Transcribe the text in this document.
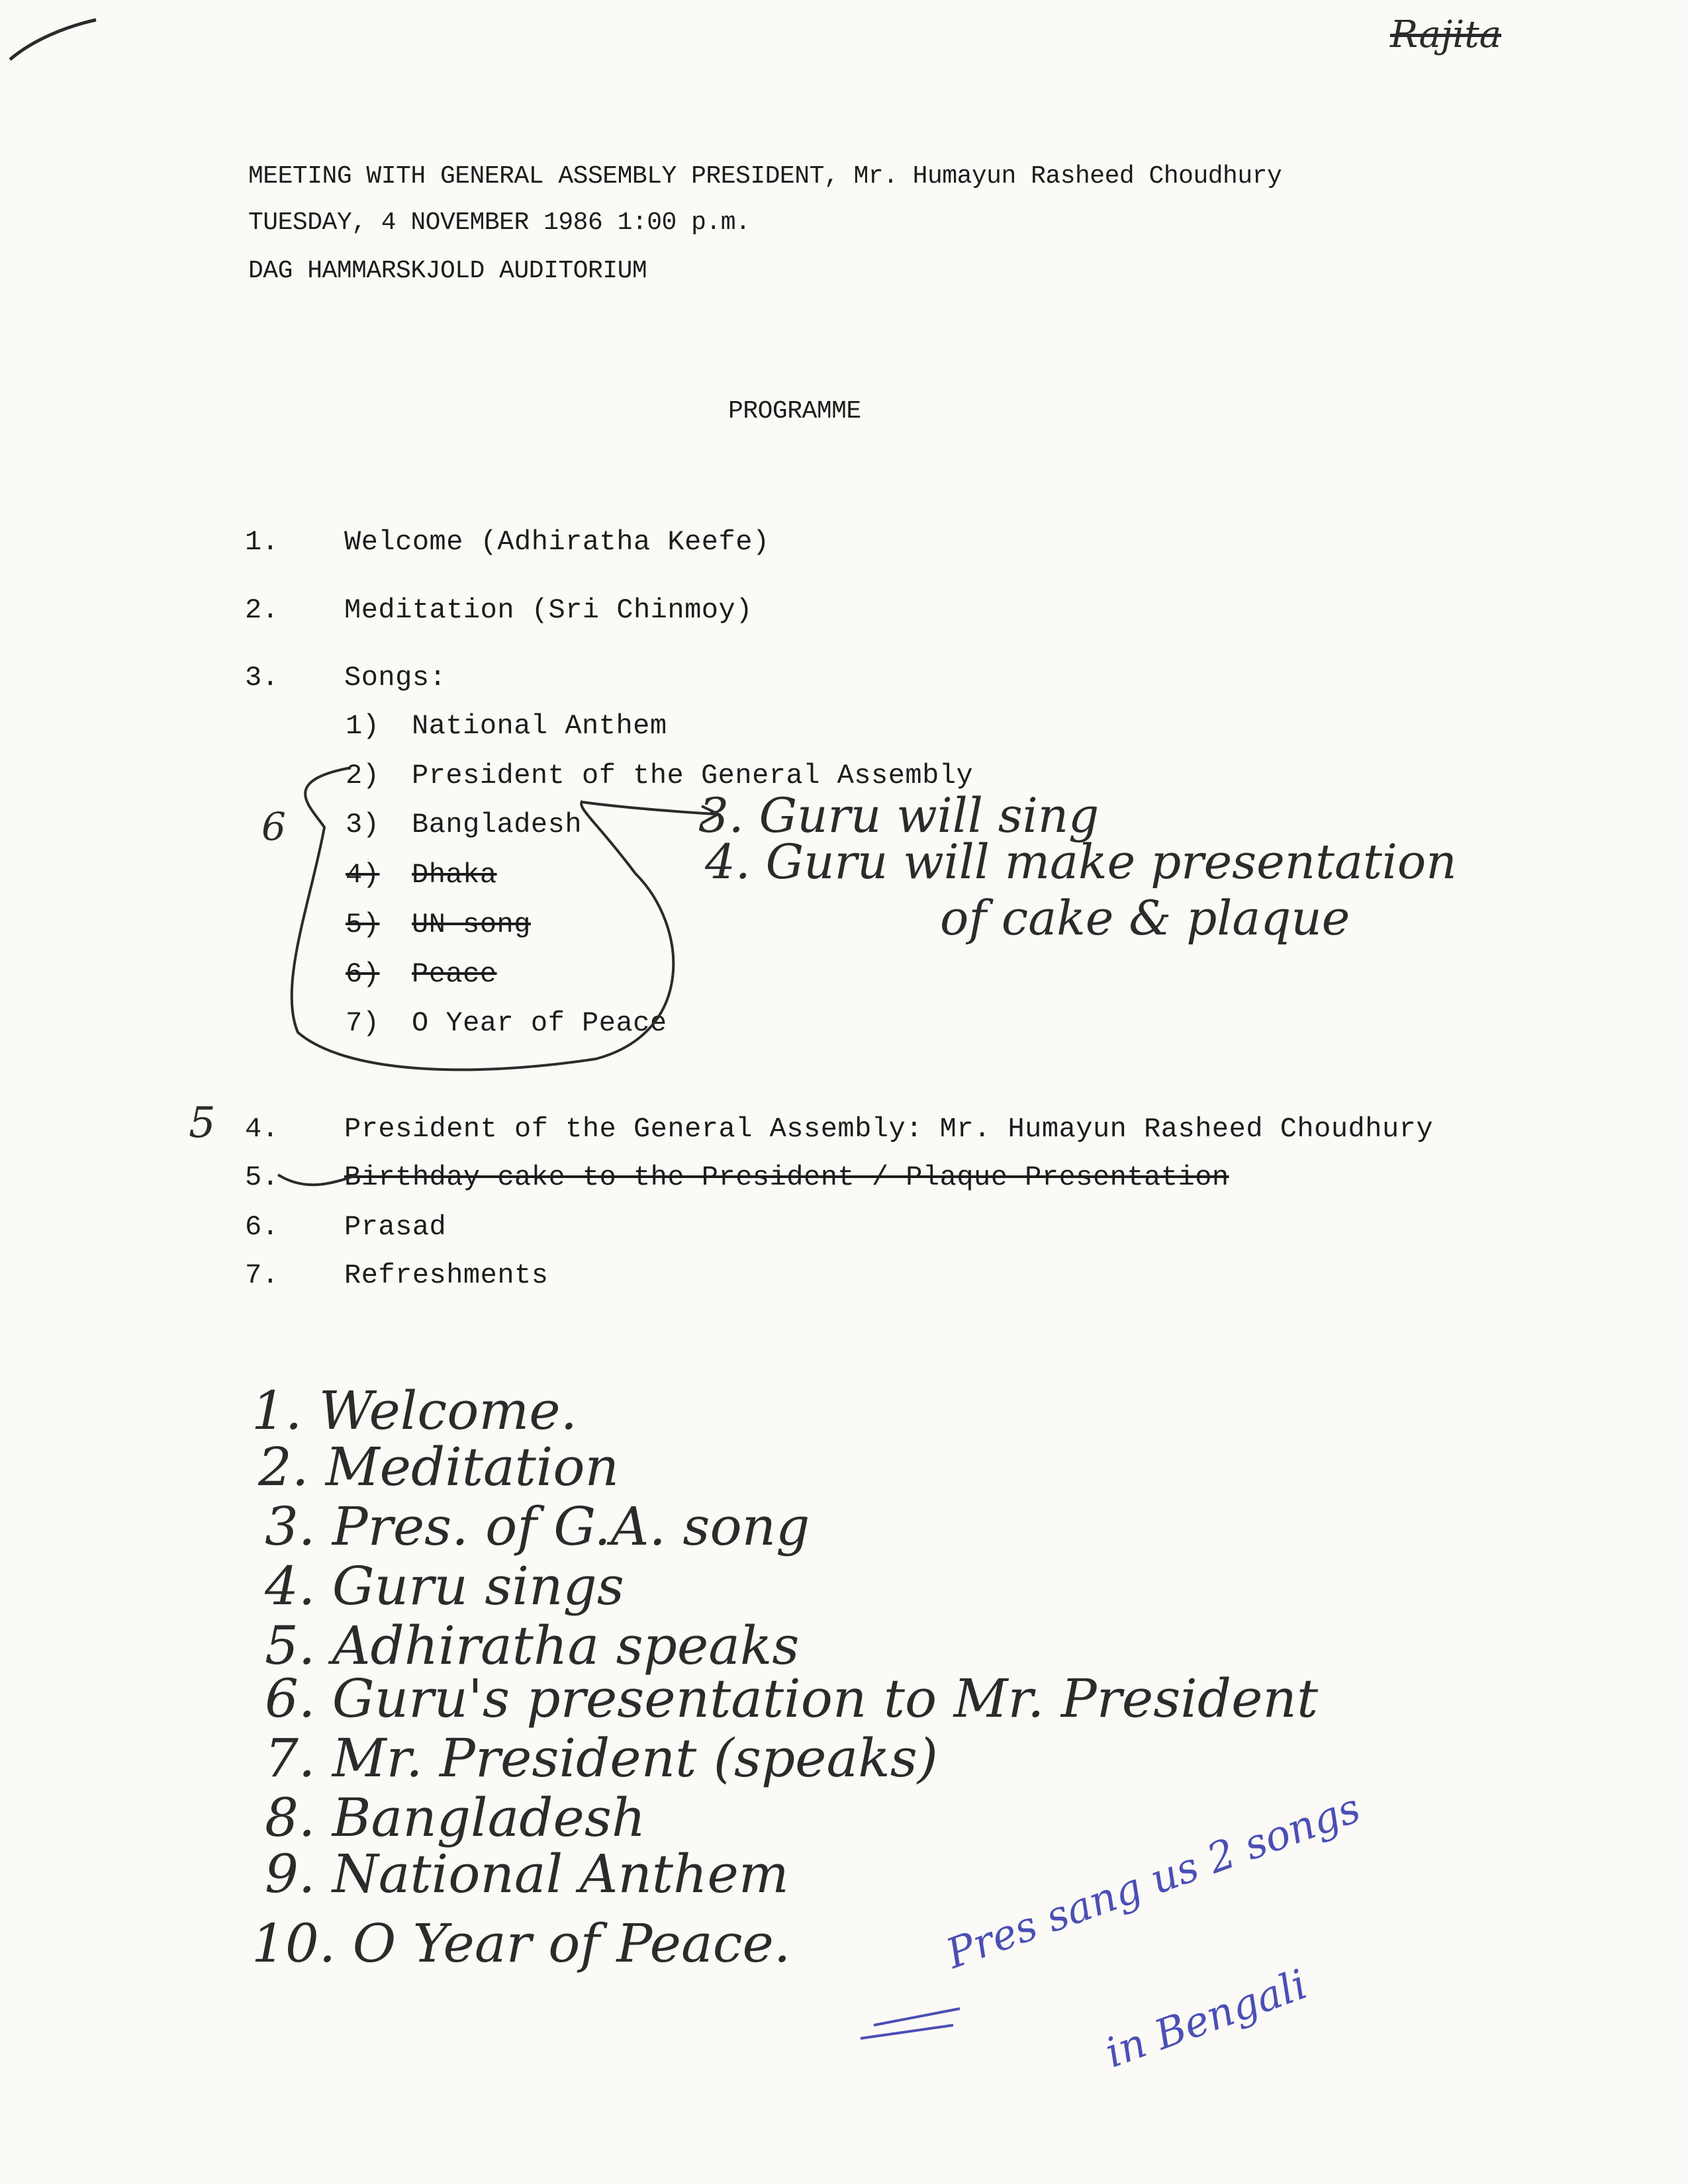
Rajita
MEETING WITH GENERAL ASSEMBLY PRESIDENT, Mr. Humayun Rasheed Choudhury
TUESDAY, 4 NOVEMBER 1986 1:00 p.m.
DAG HAMMARSKJOLD AUDITORIUM
PROGRAMME
1. Welcome (Adhiratha Keefe)
2. Meditation (Sri Chinmoy)
3. Songs:
1) National Anthem
2) President of the General Assembly
3) Bangladesh
4) Dhaka
5) UN song
6) Peace
7) O Year of Peace
4. President of the General Assembly: Mr. Humayun Rasheed Choudhury
5. Birthday cake to the President / Plaque Presentation
6. Prasad
7. Refreshments
6
5
3. Guru will sing
4. Guru will make presentation
of cake & plaque
1. Welcome.
2. Meditation
3. Pres. of G.A. song
4. Guru sings
5. Adhiratha speaks
6. Guru's presentation to Mr. President
7. Mr. President (speaks)
8. Bangladesh
9. National Anthem
10. O Year of Peace.	Pres sang us 2 songs
in Bengali
